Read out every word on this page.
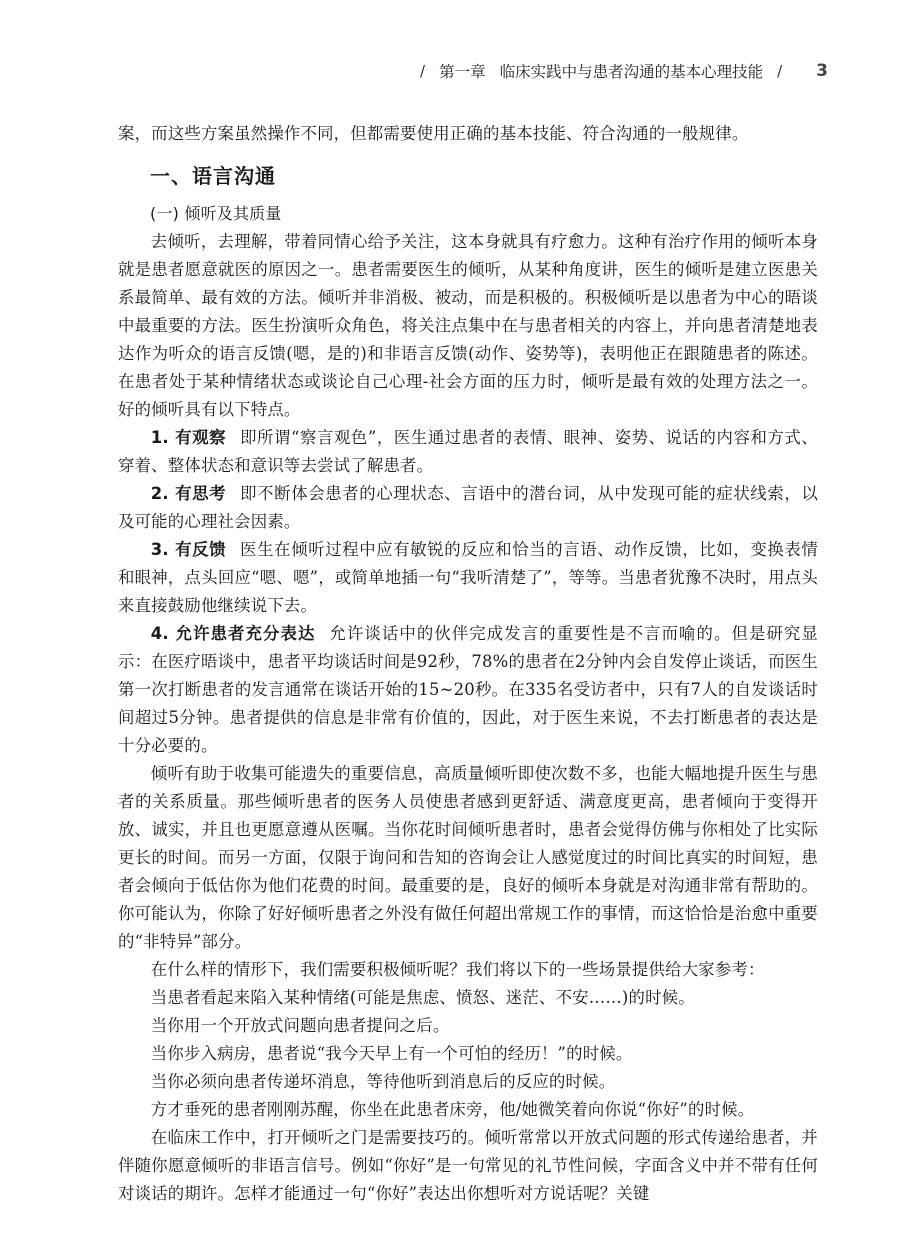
/ 第一章 临床实践中与患者沟通的基本心理技能 / 3

案，而这些方案虽然操作不同，但都需要使用正确的基本技能、符合沟通的一般规律。

一、语言沟通
(一) 倾听及其质量

去倾听，去理解，带着同情心给予关注，这本身就具有疗愈力。这种有治疗作用的倾听本身就是患者愿意就医的原因之一。患者需要医生的倾听，从某种角度讲，医生的倾听是建立医患关系最简单、最有效的方法。倾听并非消极、被动，而是积极的。积极倾听是以患者为中心的晤谈中最重要的方法。医生扮演听众角色，将关注点集中在与患者相关的内容上，并向患者清楚地表达作为听众的语言反馈(嗯，是的)和非语言反馈(动作、姿势等)，表明他正在跟随患者的陈述。在患者处于某种情绪状态或谈论自己心理-社会方面的压力时，倾听是最有效的处理方法之一。好的倾听具有以下特点。

1. 有观察 即所谓“察言观色”，医生通过患者的表情、眼神、姿势、说话的内容和方式、穿着、整体状态和意识等去尝试了解患者。

2. 有思考 即不断体会患者的心理状态、言语中的潜台词，从中发现可能的症状线索，以及可能的心理社会因素。

3. 有反馈 医生在倾听过程中应有敏锐的反应和恰当的言语、动作反馈，比如，变换表情和眼神，点头回应“嗯、嗯”，或简单地插一句“我听清楚了”，等等。当患者犹豫不决时，用点头来直接鼓励他继续说下去。

4. 允许患者充分表达 允许谈话中的伙伴完成发言的重要性是不言而喻的。但是研究显示：在医疗晤谈中，患者平均谈话时间是92秒，78%的患者在2分钟内会自发停止谈话，而医生第一次打断患者的发言通常在谈话开始的15~20秒。在335名受访者中，只有7人的自发谈话时间超过5分钟。患者提供的信息是非常有价值的，因此，对于医生来说，不去打断患者的表达是十分必要的。

倾听有助于收集可能遗失的重要信息，高质量倾听即使次数不多，也能大幅地提升医生与患者的关系质量。那些倾听患者的医务人员使患者感到更舒适、满意度更高，患者倾向于变得开放、诚实，并且也更愿意遵从医嘱。当你花时间倾听患者时，患者会觉得仿佛与你相处了比实际更长的时间。而另一方面，仅限于询问和告知的咨询会让人感觉度过的时间比真实的时间短，患者会倾向于低估你为他们花费的时间。最重要的是，良好的倾听本身就是对沟通非常有帮助的。你可能认为，你除了好好倾听患者之外没有做任何超出常规工作的事情，而这恰恰是治愈中重要的“非特异”部分。

在什么样的情形下，我们需要积极倾听呢？我们将以下的一些场景提供给大家参考：

当患者看起来陷入某种情绪(可能是焦虑、愤怒、迷茫、不安……)的时候。

当你用一个开放式问题向患者提问之后。

当你步入病房，患者说“我今天早上有一个可怕的经历！”的时候。

当你必须向患者传递坏消息，等待他听到消息后的反应的时候。

方才垂死的患者刚刚苏醒，你坐在此患者床旁，他/她微笑着向你说“你好”的时候。

在临床工作中，打开倾听之门是需要技巧的。倾听常常以开放式问题的形式传递给患者，并伴随你愿意倾听的非语言信号。例如“你好”是一句常见的礼节性问候，字面含义中并不带有任何对谈话的期许。怎样才能通过一句“你好”表达出你想听对方说话呢？关键
